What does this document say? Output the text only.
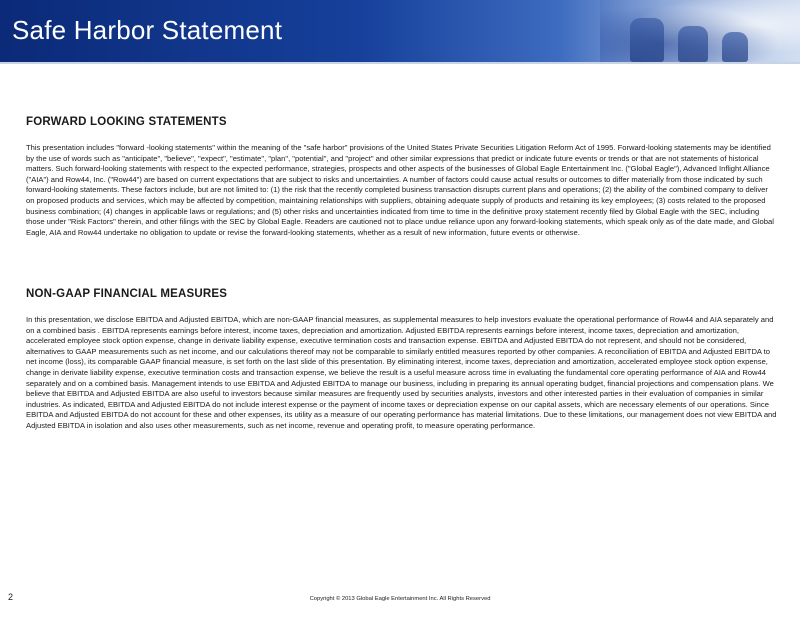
Safe Harbor Statement
FORWARD LOOKING STATEMENTS

This presentation includes "forward -looking statements" within the meaning of the "safe harbor" provisions of the United States Private Securities Litigation Reform Act of 1995. Forward-looking statements may be identified by the use of words such as "anticipate", "believe", "expect", "estimate", "plan", "potential", and "project" and other similar expressions that predict or indicate future events or trends or that are not statements of historical matters. Such forward-looking statements with respect to the expected performance, strategies, prospects and other aspects of the businesses of Global Eagle Entertainment Inc. ("Global Eagle"), Advanced Inflight Alliance ("AIA") and Row44, Inc. ("Row44") are based on current expectations that are subject to risks and uncertainties. A number of factors could cause actual results or outcomes to differ materially from those indicated by such forward-looking statements. These factors include, but are not limited to: (1) the risk that the recently completed business transaction disrupts current plans and operations; (2) the ability of the combined company to deliver on proposed products and services, which may be affected by competition, maintaining relationships with suppliers, obtaining adequate supply of products and retaining its key employees; (3) costs related to the proposed business combination; (4) changes in applicable laws or regulations; and (5) other risks and uncertainties indicated from time to time in the definitive proxy statement recently filed by Global Eagle with the SEC, including those under "Risk Factors" therein, and other filings with the SEC by Global Eagle. Readers are cautioned not to place undue reliance upon any forward-looking statements, which speak only as of the date made, and Global Eagle, AIA and Row44 undertake no obligation to update or revise the forward-looking statements, whether as a result of new information, future events or otherwise.

NON-GAAP FINANCIAL MEASURES

In this presentation, we disclose EBITDA and Adjusted EBITDA, which are non-GAAP financial measures, as supplemental measures to help investors evaluate the operational performance of Row44 and AIA separately and on a combined basis . EBITDA represents earnings before interest, income taxes, depreciation and amortization. Adjusted EBITDA represents earnings before interest, income taxes, depreciation and amortization, accelerated employee stock option expense, change in derivate liability expense, executive termination costs and transaction expense. EBITDA and Adjusted EBITDA do not represent, and should not be considered, alternatives to GAAP measurements such as net income, and our calculations thereof may not be comparable to similarly entitled measures reported by other companies. A reconciliation of EBITDA and Adjusted EBITDA to net income (loss), its comparable GAAP financial measure, is set forth on the last slide of this presentation. By eliminating interest, income taxes, depreciation and amortization, accelerated employee stock option expense, change in derivate liability expense, executive termination costs and transaction expense, we believe the result is a useful measure across time in evaluating the fundamental core operating performance of AIA and Row44 separately and on a combined basis. Management intends to use EBITDA and Adjusted EBITDA to manage our business, including in preparing its annual operating budget, financial projections and compensation plans. We believe that EBITDA and Adjusted EBITDA are also useful to investors because similar measures are frequently used by securities analysts, investors and other interested parties in their evaluation of companies in similar industries. As indicated, EBITDA and Adjusted EBITDA do not include interest expense or the payment of income taxes or depreciation expense on our capital assets, which are necessary elements of our operations. Since EBITDA and Adjusted EBITDA do not account for these and other expenses, its utility as a measure of our operating performance has material limitations. Due to these limitations, our management does not view EBITDA and Adjusted EBITDA in isolation and also uses other measurements, such as net income, revenue and operating profit, to measure operating performance.

2	Copyright © 2013 Global Eagle Entertainment Inc. All Rights Reserved
